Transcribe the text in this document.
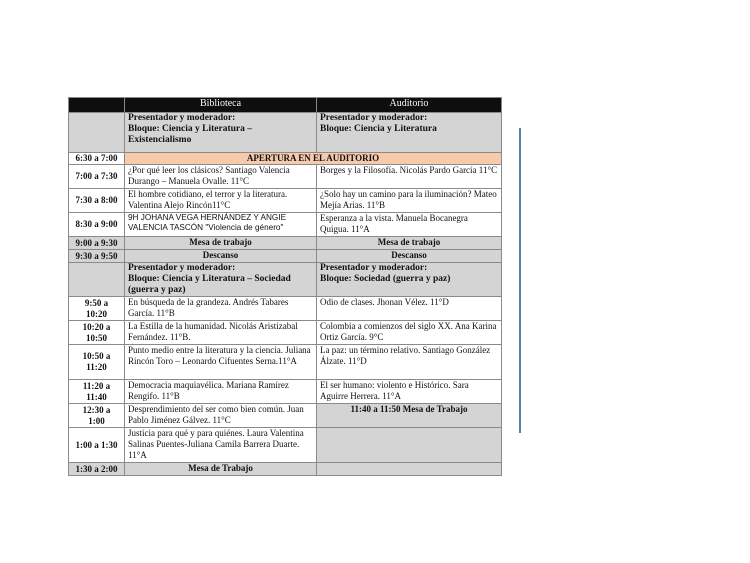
	Biblioteca	Auditorio

	Presentador y moderador:
Bloque: Ciencia y Literatura –
Existencialismo	Presentador y moderador:
Bloque: Ciencia y Literatura

6:30 a 7:00	APERTURA EN EL AUDITORIO	
7:00 a 7:30	¿Por qué leer los clásicos? Santiago Valencia Durango – Manuela Ovalle. 11°C	Borges y la Filosofía. Nicolás Pardo García 11°C
7:30 a 8:00	El hombre cotidiano, el terror y la literatura. Valentina Alejo Rincón11°C	¿Solo hay un camino para la iluminación? Mateo Mejía Arias. 11°B
8:30 a 9:00	9H JOHANA VEGA HERNÁNDEZ Y ANGIE VALENCIA TASCÓN "Violencia de género"	Esperanza a la vista. Manuela Bocanegra Quigua. 11°A
9:00 a 9:30	Mesa de trabajo	Mesa de trabajo
9:30 a 9:50	Descanso	Descanso

	Presentador y moderador:
Bloque: Ciencia y Literatura – Sociedad
(guerra y paz)	Presentador y moderador:
Bloque: Sociedad (guerra y paz)

9:50 a
10:20	En búsqueda de la grandeza. Andrés Tabares García. 11°B	Odio de clases. Jhonan Vélez. 11°D

10:20 a
10:50	La Estilla de la humanidad. Nicolás Aristizabal Fernández. 11°B.	Colombia a comienzos del siglo XX. Ana Karina Ortiz García. 9°C

10:50 a
11:20	Punto medio entre la literatura y la ciencia. Juliana Rincón Toro – Leonardo Cifuentes Serna.11°A	La paz: un término relativo. Santiago González Álzate. 11°D

11:20 a
11:40	Democracia maquiavélica. Mariana Ramírez Rengifo. 11°B	El ser humano: violento e Histórico. Sara Aguirre Herrera. 11°A

12:30 a
1:00	Desprendimiento del ser como bien común. Juan Pablo Jiménez Gálvez. 11°C	11:40 a 11:50 Mesa de Trabajo
1:00 a 1:30	Justicia para qué y para quiénes. Laura Valentina Salinas Puentes-Juliana Camila Barrera Duarte. 11°A	
1:30 a 2:00	Mesa de Trabajo	
